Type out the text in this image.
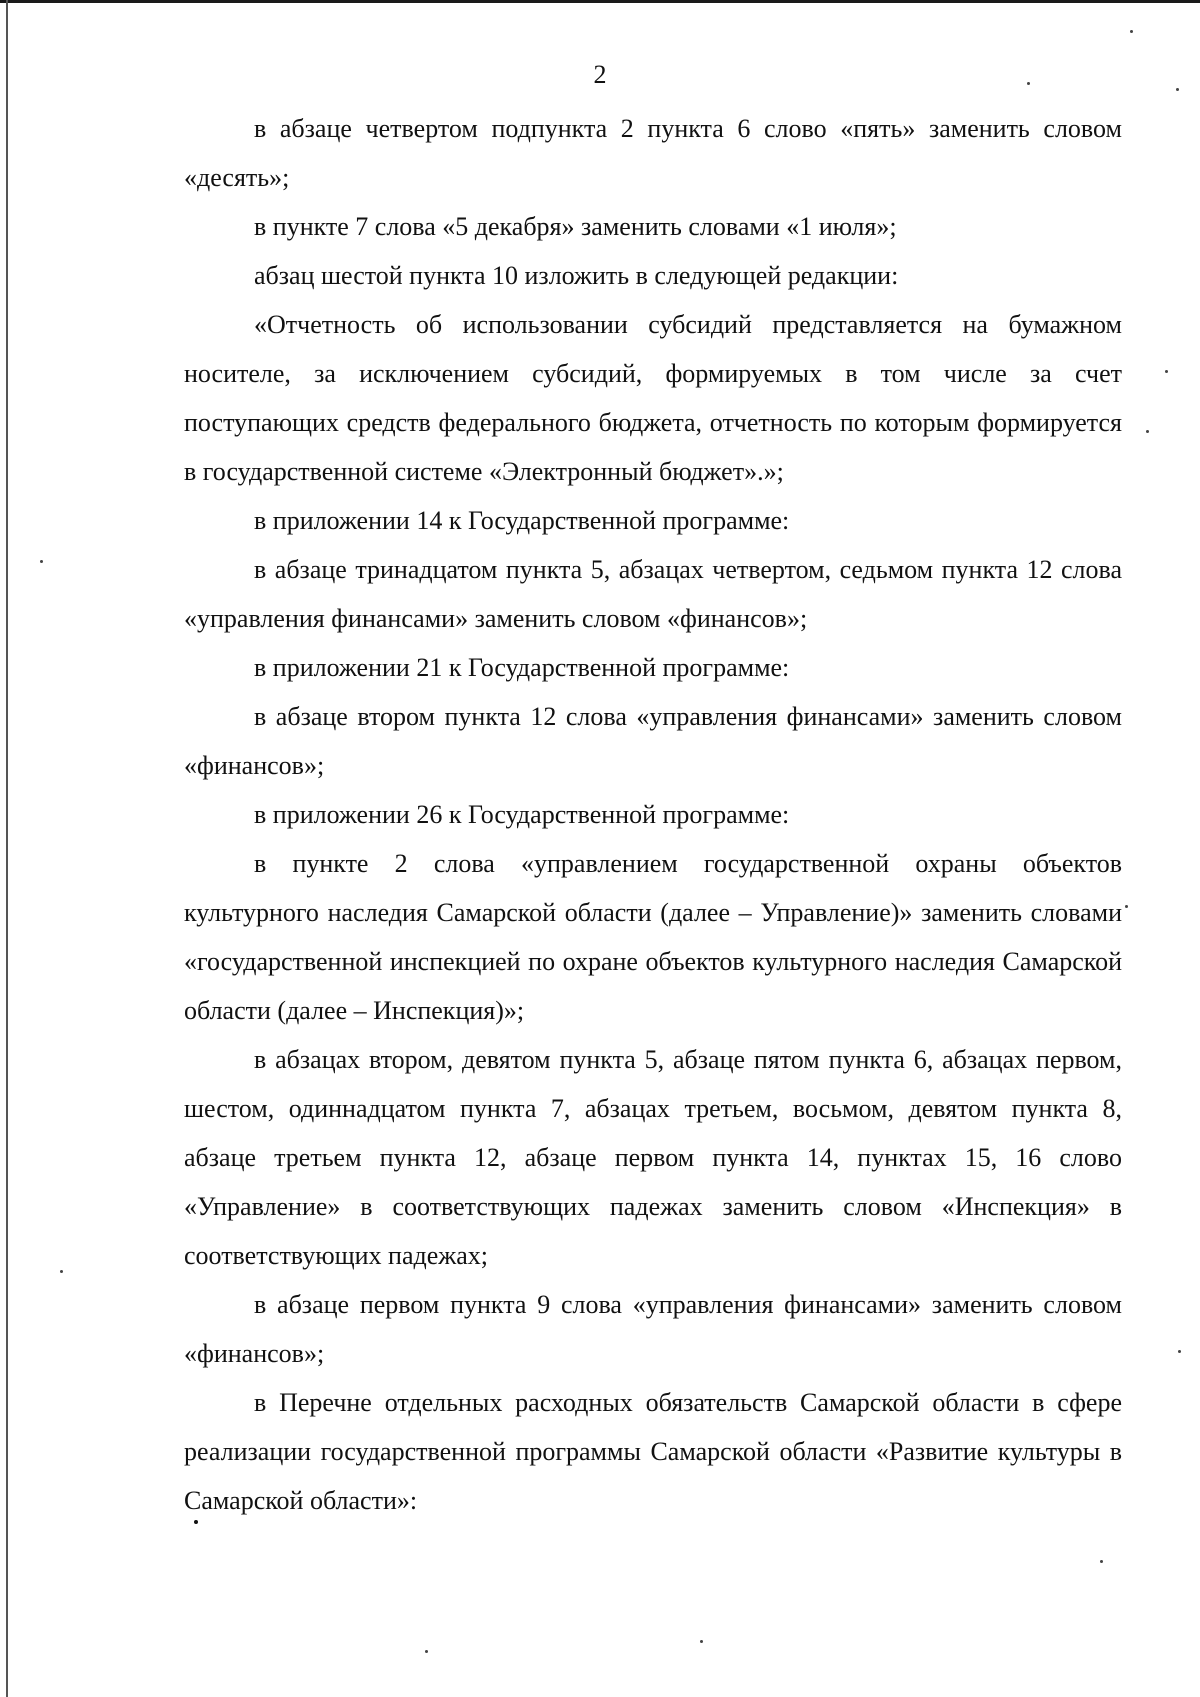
2

в абзаце четвертом подпункта 2 пункта 6 слово «пять» заменить словом «десять»;

в пункте 7 слова «5 декабря» заменить словами «1 июля»;

абзац шестой пункта 10 изложить в следующей редакции:

«Отчетность об использовании субсидий представляется на бумажном носителе, за исключением субсидий, формируемых в том числе за счет поступающих средств федерального бюджета, отчетность по которым формируется в государственной системе «Электронный бюджет».»;

в приложении 14 к Государственной программе:

в абзаце тринадцатом пункта 5, абзацах четвертом, седьмом пункта 12 слова «управления финансами» заменить словом «финансов»;

в приложении 21 к Государственной программе:

в абзаце втором пункта 12 слова «управления финансами» заменить словом «финансов»;

в приложении 26 к Государственной программе:

в пункте 2 слова «управлением государственной охраны объектов культурного наследия Самарской области (далее – Управление)» заменить словами «государственной инспекцией по охране объектов культурного наследия Самарской области (далее – Инспекция)»;

в абзацах втором, девятом пункта 5, абзаце пятом пункта 6, абзацах первом, шестом, одиннадцатом пункта 7, абзацах третьем, восьмом, девятом пункта 8, абзаце третьем пункта 12, абзаце первом пункта 14, пунктах 15, 16 слово «Управление» в соответствующих падежах заменить словом «Инспекция» в соответствующих падежах;

в абзаце первом пункта 9 слова «управления финансами» заменить словом «финансов»;

в Перечне отдельных расходных обязательств Самарской области в сфере реализации государственной программы Самарской области «Развитие культуры в Самарской области»:
